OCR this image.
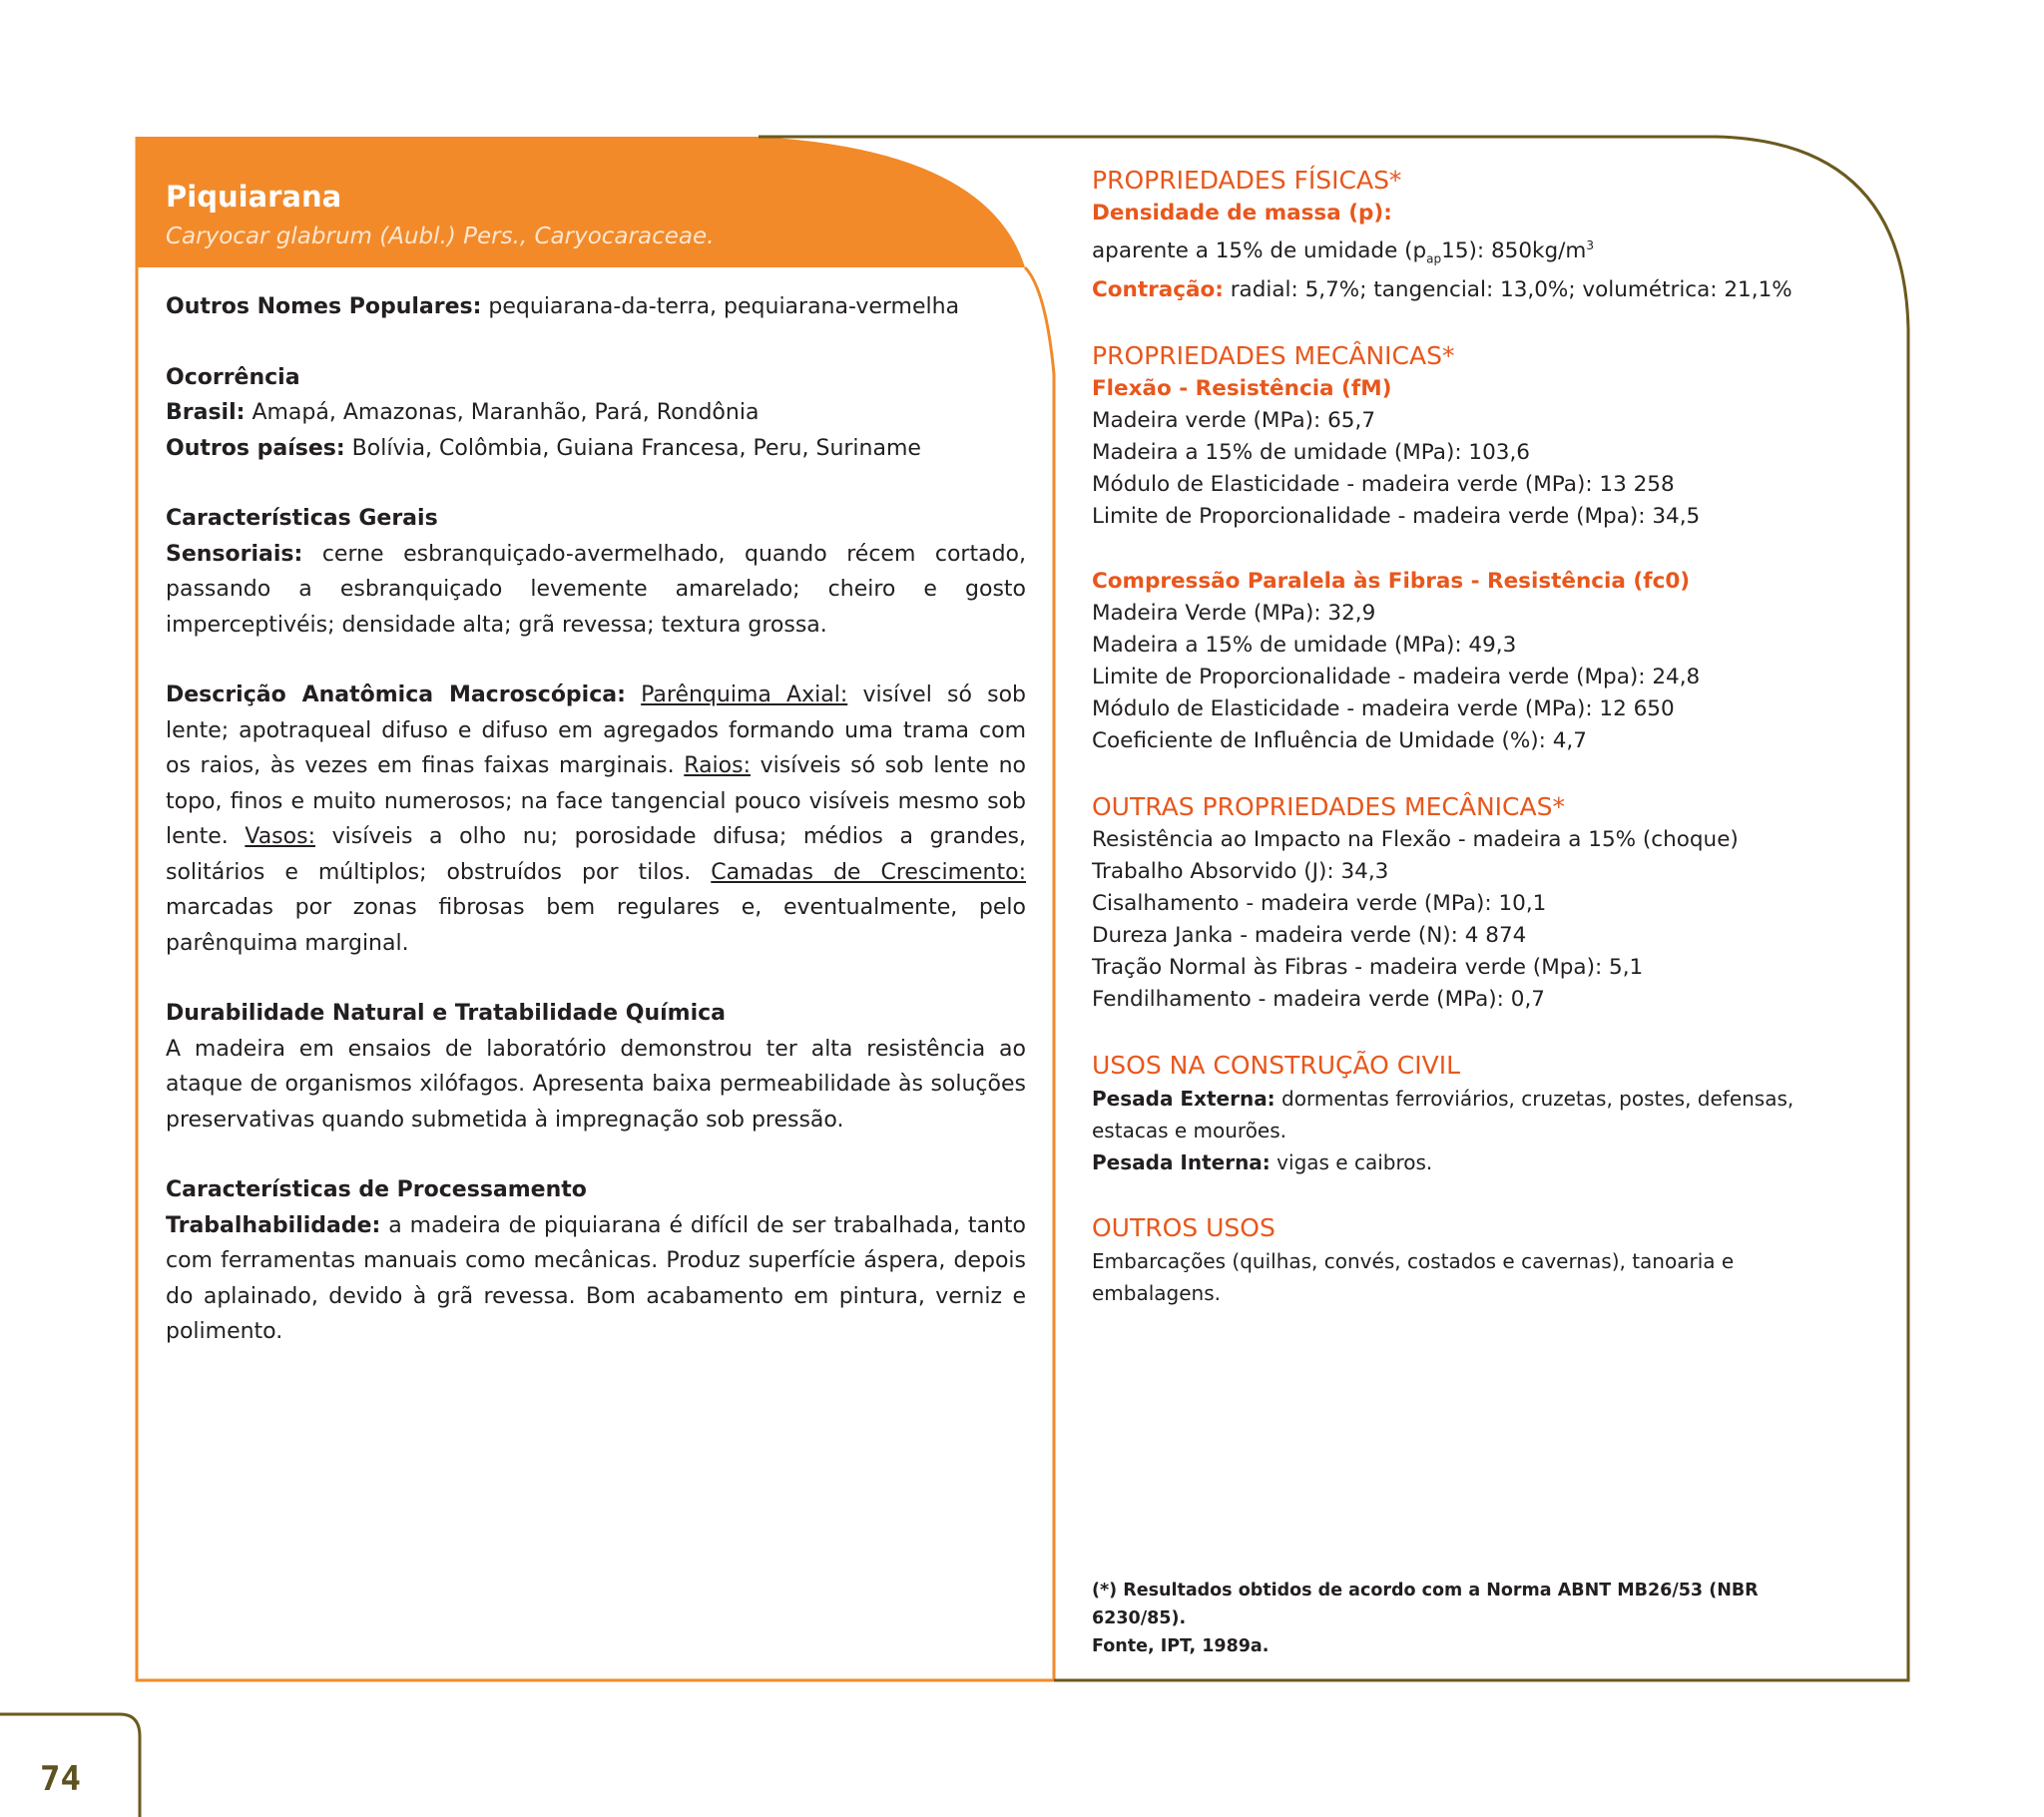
Piquiarana
Caryocar glabrum (Aubl.) Pers., Caryocaraceae.

Outros Nomes Populares: pequiarana-da-terra, pequiarana-vermelha

Ocorrência

Brasil: Amapá, Amazonas, Maranhão, Pará, Rondônia

Outros países: Bolívia, Colômbia, Guiana Francesa, Peru, Suriname

Características Gerais

Sensoriais: cerne esbranquiçado-avermelhado, quando récem cortado, passando a esbranquiçado levemente amarelado; cheiro e gosto imperceptivéis; densidade alta; grã revessa; textura grossa.

Descrição Anatômica Macroscópica: Parênquima Axial: visível só sob lente; apotraqueal difuso e difuso em agregados formando uma trama com os raios, às vezes em finas faixas marginais. Raios: visíveis só sob lente no topo, finos e muito numerosos; na face tangencial pouco visíveis mesmo sob lente. Vasos: visíveis a olho nu; porosidade difusa; médios a grandes, solitários e múltiplos; obstruídos por tilos. Camadas de Crescimento: marcadas por zonas fibrosas bem regulares e, eventualmente, pelo parênquima marginal.

Durabilidade Natural e Tratabilidade Química

A madeira em ensaios de laboratório demonstrou ter alta resistência ao ataque de organismos xilófagos. Apresenta baixa permeabilidade às soluções preservativas quando submetida à impregnação sob pressão.

Características de Processamento

Trabalhabilidade: a madeira de piquiarana é difícil de ser trabalhada, tanto com ferramentas manuais como mecânicas. Produz superfície áspera, depois do aplainado, devido à grã revessa. Bom acabamento em pintura, verniz e polimento.

PROPRIEDADES FÍSICAS*

Densidade de massa (p):

aparente a 15% de umidade $(p_{ap}15)$: $850kg/m^3$

Contração: radial: 5,7%; tangencial: 13,0%; volumétrica: 21,1%

PROPRIEDADES MECÂNICAS*

Flexão - Resistência (fM)

Madeira verde (MPa): 65,7

Madeira a 15% de umidade (MPa): 103,6

Módulo de Elasticidade - madeira verde (MPa): 13 258

Limite de Proporcionalidade - madeira verde (Mpa): 34,5

Compressão Paralela às Fibras - Resistência (fc0)

Madeira Verde (MPa): 32,9

Madeira a 15% de umidade (MPa): 49,3

Limite de Proporcionalidade - madeira verde (Mpa): 24,8

Módulo de Elasticidade - madeira verde (MPa): 12 650

Coeficiente de Influência de Umidade (%): 4,7

OUTRAS PROPRIEDADES MECÂNICAS*

Resistência ao Impacto na Flexão - madeira a 15% (choque)

Trabalho Absorvido (J): 34,3

Cisalhamento - madeira verde (MPa): 10,1

Dureza Janka - madeira verde (N): 4 874

Tração Normal às Fibras - madeira verde (Mpa): 5,1

Fendilhamento - madeira verde (MPa): 0,7

USOS NA CONSTRUÇÃO CIVIL

Pesada Externa: dormentas ferroviários, cruzetas, postes, defensas, estacas e mourões.

Pesada Interna: vigas e caibros.

OUTROS USOS

Embarcações (quilhas, convés, costados e cavernas), tanoaria e embalagens.

(*) Resultados obtidos de acordo com a Norma ABNT MB26/53 (NBR 6230/85).
Fonte, IPT, 1989a.
74
